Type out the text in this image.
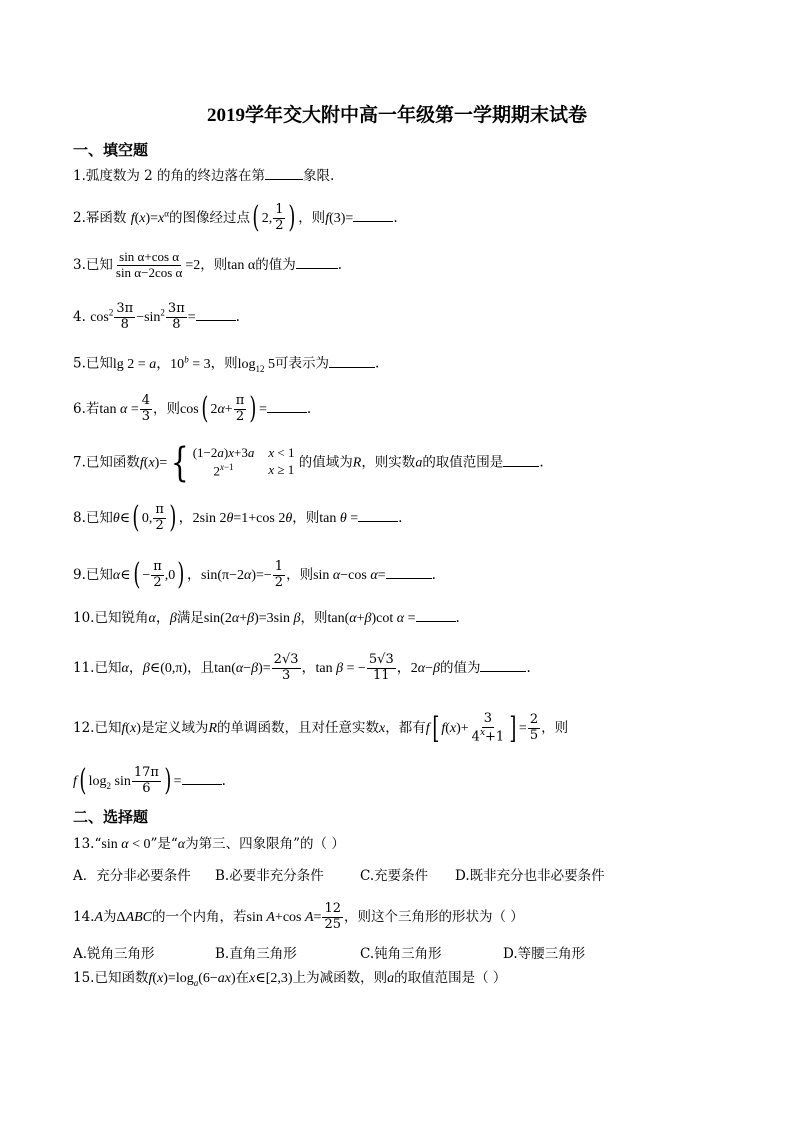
2019学年交大附中高一年级第一学期期末试卷
一、填空题
1.弧度数为 2 的角的终边落在第	象限.
2.幂函数 $f(x)=x^\alpha$的图像经过点( 2, $\frac{1}{2}$ ) ，则f(3)=	.
3.已知 $\frac{\text{sin α+cos α}}{\text{sin α−2cos α}} =2$，则tan α的值为	.
4. $\cos^2 \frac{3\pi}{8} -\sin^2 \frac{3\pi}{8}$ =	.
5.已知lg 2 = a，$10^b = 3$，则$\log_{12} 5$可表示为	.
6.若$\tan \alpha = \frac{4}{3}$ ，则cos( $2\alpha+ \frac{\pi}{2}$ ) =	.
7.已知函数f(x)={ (1−2a)x+3a x < 1
$2^{x-1}$	x ≥ 1 的值域为R，则实数a的取值范围是	.
8.已知θ∈( 0, $\frac{\pi}{2}$ ) ，2sin 2θ=1+cos 2θ，则tan θ =	.
9.已知α∈( − $\frac{\pi}{2} ,0$) ，$\sin(\pi-2\alpha)=- \frac{1}{2}$ ，则sin α−cos α=	.
10.已知锐角α，β满足sin(2α+β)=3sin β，则tan(α+β)cot α =	.
11.已知α，β∈(0,π)，且$\tan(\alpha-\beta)= \frac{2√3}{3}$ ，tan β = − $\frac{5√3}{11}$ ，2α−β的值为	.
12.已知f(x)是定义域为R的单调函数，且对任意实数x，都有f[ $f(x)+ \frac{3}{4^x+1}$ ] = $\frac{2}{5}$ ，则
f( $\log_2 \sin \frac{17\pi}{6}$ ) =	.
二、选择题
13.“sin α < 0”是“α为第三、四象限角”的（ ）
A．充分非必要条件 B.必要非充分条件	C.充要条件 D.既非充分也非必要条件
14.A为ΔABC的一个内角，若sin A+cos $A= \frac{12}{25}$ ，则这个三角形的形状为（ ）
A.锐角三角形	B.直角三角形	C.钝角三角形	D.等腰三角形
15.已知函数$f(x)=\log_a(6-ax)$在x∈[2,3)上为减函数，则a的取值范围是（ ）
